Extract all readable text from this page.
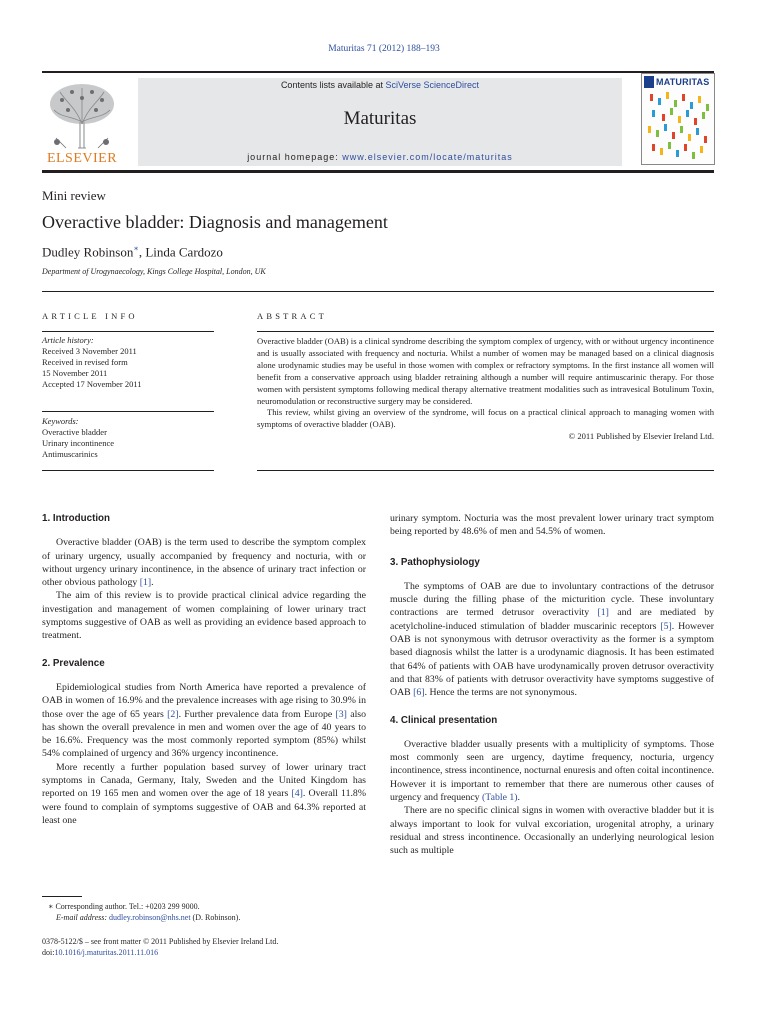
Maturitas 71 (2012) 188–193
ELSEVIER
Contents lists available at SciVerse ScienceDirect
Maturitas
journal homepage: www.elsevier.com/locate/maturitas
MATURITAS
Mini review
Overactive bladder: Diagnosis and management
Dudley Robinson∗, Linda Cardozo
Department of Urogynaecology, Kings College Hospital, London, UK
ARTICLE INFO
Article history:
Received 3 November 2011
Received in revised form
15 November 2011
Accepted 17 November 2011
Keywords:
Overactive bladder
Urinary incontinence
Antimuscarinics
ABSTRACT

Overactive bladder (OAB) is a clinical syndrome describing the symptom complex of urgency, with or without urgency incontinence and is usually associated with frequency and nocturia. Whilst a number of women may be managed based on a clinical diagnosis alone urodynamic studies may be useful in those women with complex or refractory symptoms. In the first instance all women will benefit from a conservative approach using bladder retraining although a number will require antimuscarinic therapy. For those women with persistent symptoms following medical therapy alternative treatment modalities such as intravesical Botulinum Toxin, neuromodulation or reconstructive surgery may be considered.

This review, whilst giving an overview of the syndrome, will focus on a practical clinical approach to managing women with symptoms of overactive bladder (OAB).

© 2011 Published by Elsevier Ireland Ltd.

1. Introduction

Overactive bladder (OAB) is the term used to describe the symptom complex of urinary urgency, usually accompanied by frequency and nocturia, with or without urgency urinary incontinence, in the absence of urinary tract infection or other obvious pathology [1].

The aim of this review is to provide practical clinical advice regarding the investigation and management of women complaining of lower urinary tract symptoms suggestive of OAB as well as providing an evidence based approach to treatment.

2. Prevalence

Epidemiological studies from North America have reported a prevalence of OAB in women of 16.9% and the prevalence increases with age rising to 30.9% in those over the age of 65 years [2]. Further prevalence data from Europe [3] also has shown the overall prevalence in men and women over the age of 40 years to be 16.6%. Frequency was the most commonly reported symptom (85%) whilst 54% complained of urgency and 36% urgency incontinence.

More recently a further population based survey of lower urinary tract symptoms in Canada, Germany, Italy, Sweden and the United Kingdom has reported on 19 165 men and women over the age of 18 years [4]. Overall 11.8% were found to complain of symptoms suggestive of OAB and 64.3% reported at least one

∗ Corresponding author. Tel.: +0203 299 9000.
E-mail address: dudley.robinson@nhs.net (D. Robinson).
0378-5122/$ – see front matter © 2011 Published by Elsevier Ireland Ltd.
doi:10.1016/j.maturitas.2011.11.016

urinary symptom. Nocturia was the most prevalent lower urinary tract symptom being reported by 48.6% of men and 54.5% of women.

3. Pathophysiology

The symptoms of OAB are due to involuntary contractions of the detrusor muscle during the filling phase of the micturition cycle. These involuntary contractions are termed detrusor overactivity [1] and are mediated by acetylcholine-induced stimulation of bladder muscarinic receptors [5]. However OAB is not synonymous with detrusor overactivity as the former is a symptom based diagnosis whilst the latter is a urodynamic diagnosis. It has been estimated that 64% of patients with OAB have urodynamically proven detrusor overactivity and that 83% of patients with detrusor overactivity have symptoms suggestive of OAB [6]. Hence the terms are not synonymous.

4. Clinical presentation

Overactive bladder usually presents with a multiplicity of symptoms. Those most commonly seen are urgency, daytime frequency, nocturia, urgency incontinence, stress incontinence, nocturnal enuresis and often coital incontinence. However it is important to remember that there are numerous other causes of urgency and frequency (Table 1).

There are no specific clinical signs in women with overactive bladder but it is always important to look for vulval excoriation, urogenital atrophy, a urinary residual and stress incontinence. Occasionally an underlying neurological lesion such as multiple
